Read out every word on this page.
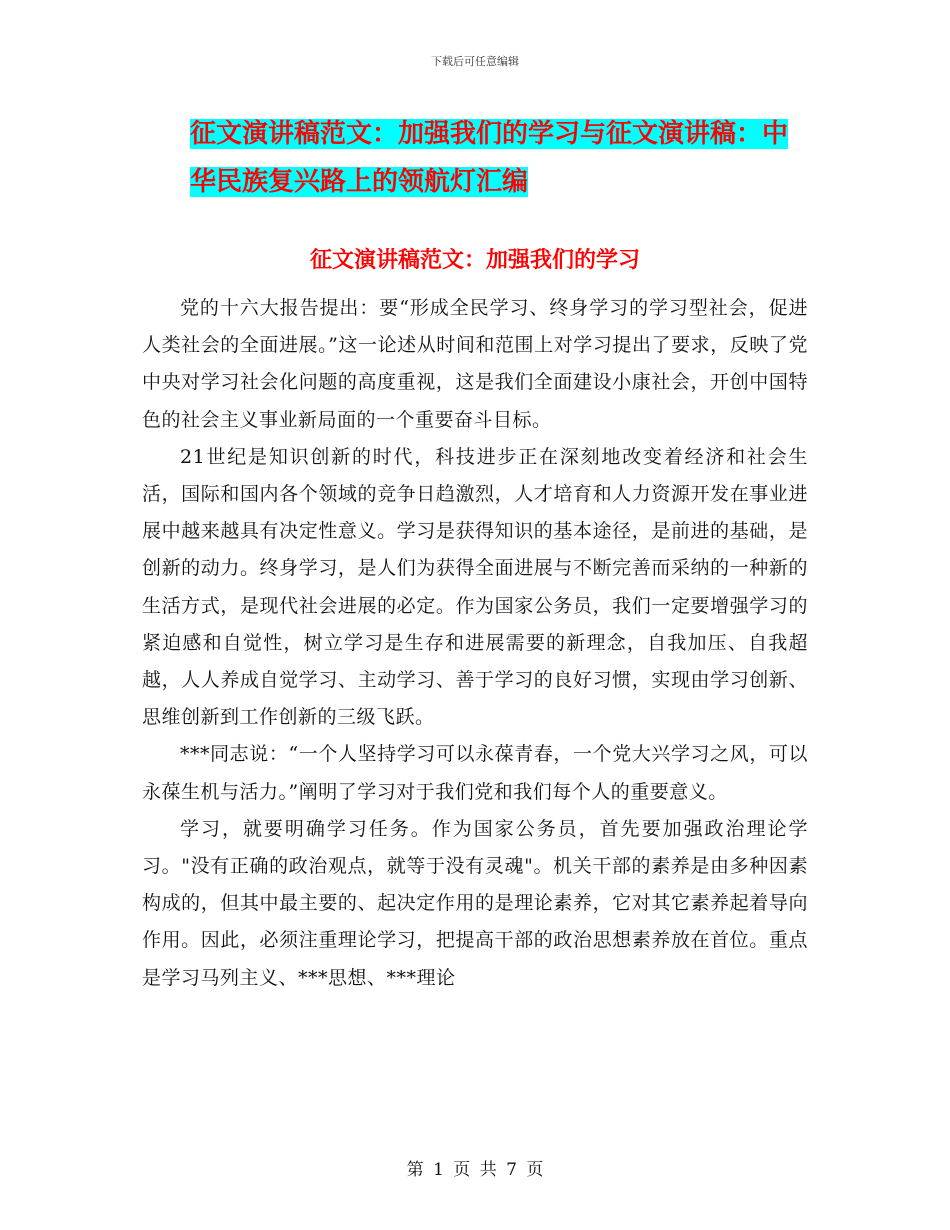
下载后可任意编辑
征文演讲稿范文：加强我们的学习与征文演讲稿：中
华民族复兴路上的领航灯汇编
征文演讲稿范文：加强我们的学习

党的十六大报告提出：要“形成全民学习、终身学习的学习型社会，促进人类社会的全面进展。”这一论述从时间和范围上对学习提出了要求，反映了党中央对学习社会化问题的高度重视，这是我们全面建设小康社会，开创中国特色的社会主义事业新局面的一个重要奋斗目标。

21世纪是知识创新的时代，科技进步正在深刻地改变着经济和社会生活，国际和国内各个领域的竞争日趋激烈，人才培育和人力资源开发在事业进展中越来越具有决定性意义。学习是获得知识的基本途径，是前进的基础，是创新的动力。终身学习，是人们为获得全面进展与不断完善而采纳的一种新的生活方式，是现代社会进展的必定。作为国家公务员，我们一定要增强学习的紧迫感和自觉性，树立学习是生存和进展需要的新理念，自我加压、自我超越，人人养成自觉学习、主动学习、善于学习的良好习惯，实现由学习创新、思维创新到工作创新的三级飞跃。

***同志说：“一个人坚持学习可以永葆青春，一个党大兴学习之风，可以永葆生机与活力。”阐明了学习对于我们党和我们每个人的重要意义。

学习，就要明确学习任务。作为国家公务员，首先要加强政治理论学习。"没有正确的政治观点，就等于没有灵魂"。机关干部的素养是由多种因素构成的，但其中最主要的、起决定作用的是理论素养，它对其它素养起着导向作用。因此，必须注重理论学习，把提高干部的政治思想素养放在首位。重点是学习马列主义、***思想、***理论

第 1 页 共 7 页
